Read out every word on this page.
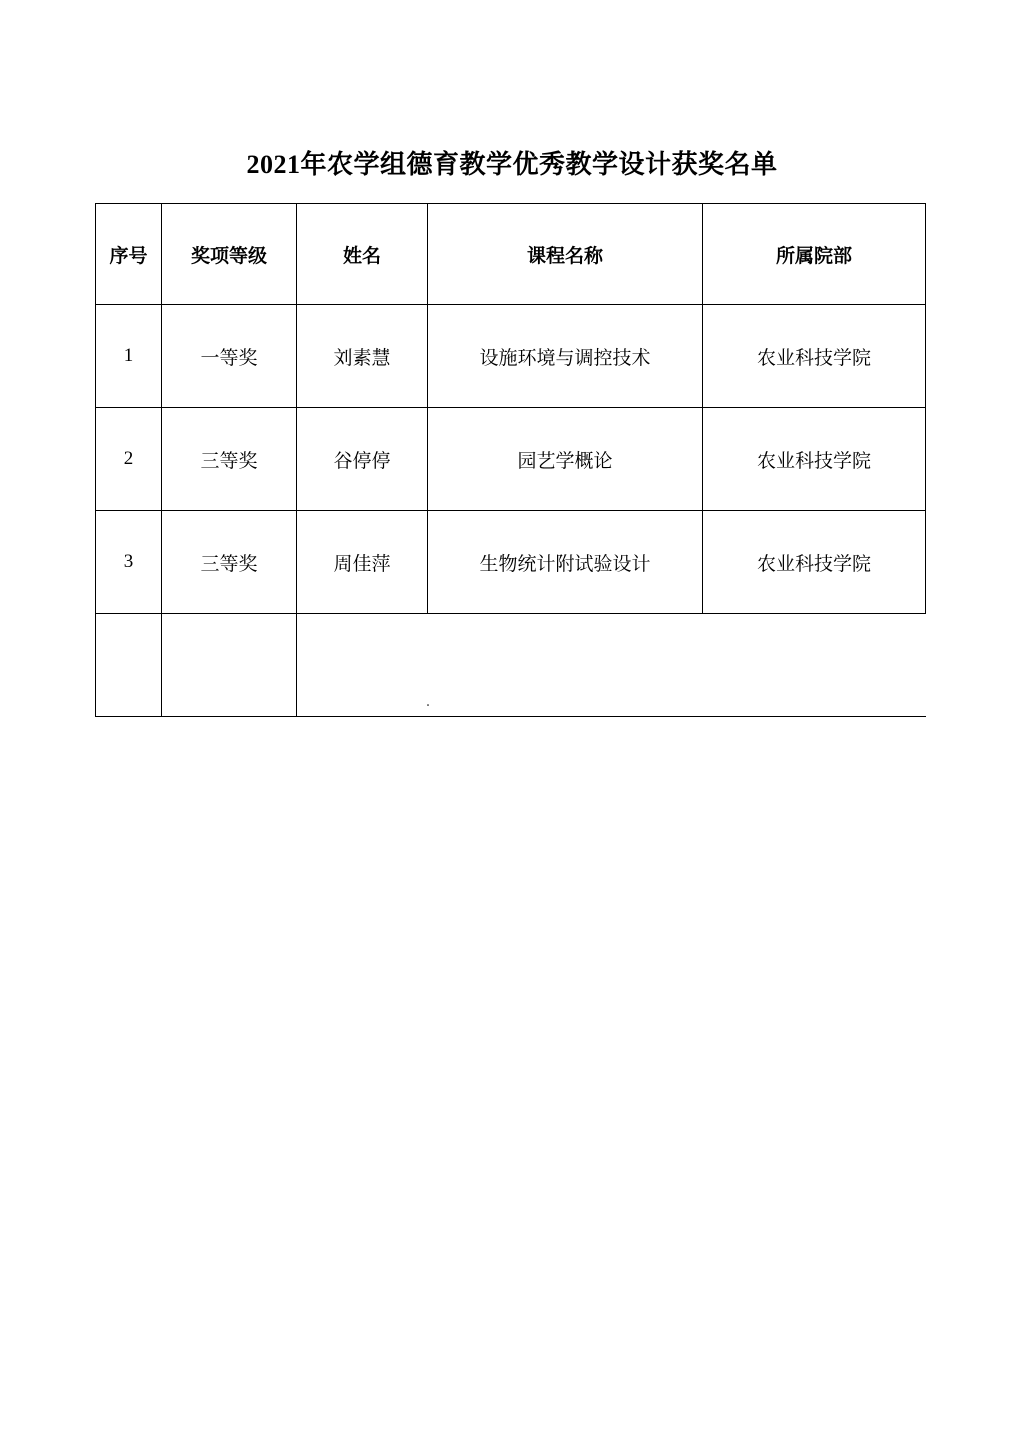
2021年农学组德育教学优秀教学设计获奖名单
序号	奖项等级	姓名	课程名称	所属院部
1	一等奖	刘素慧	设施环境与调控技术	农业科技学院
2	三等奖	谷停停	园艺学概论	农业科技学院
3	三等奖	周佳萍	生物统计附试验设计	农业科技学院

.
